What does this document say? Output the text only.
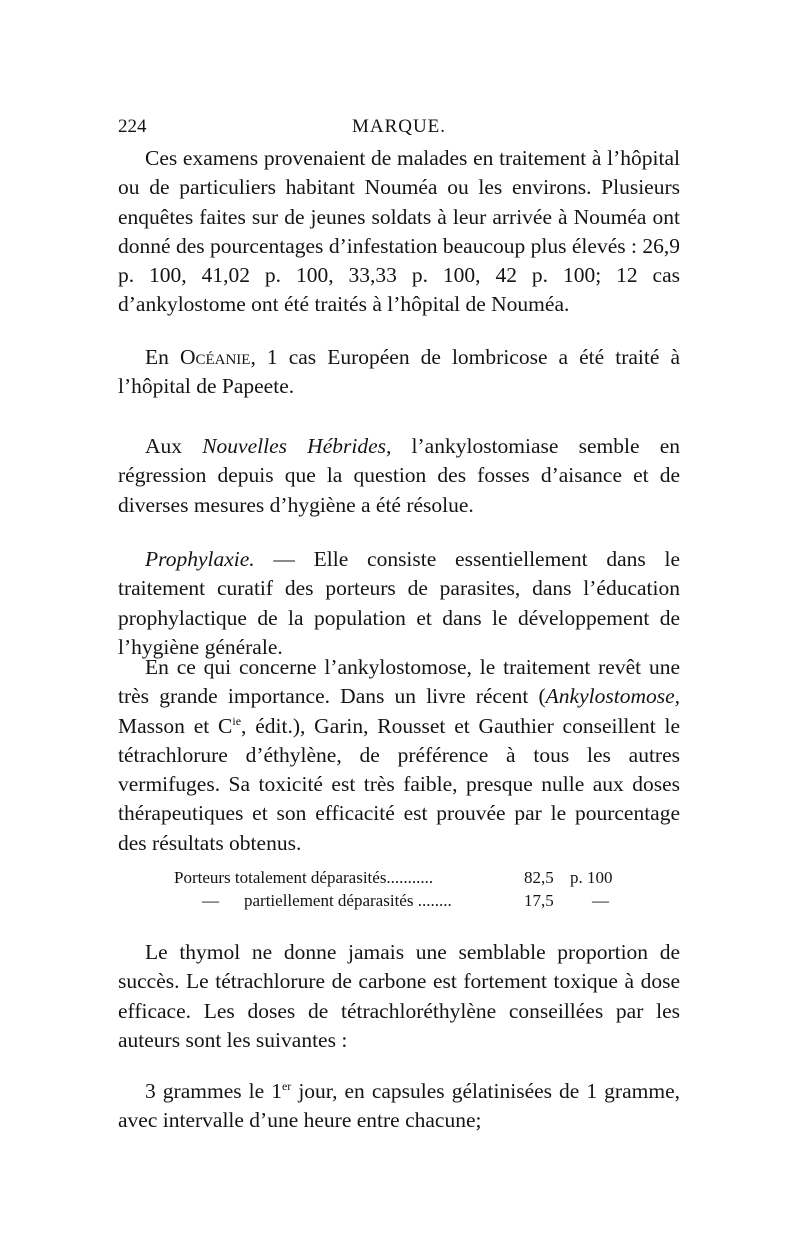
224	MARQUE.

Ces examens provenaient de malades en traitement à l’hôpital ou de particuliers habitant Nouméa ou les environs. Plusieurs enquêtes faites sur de jeunes soldats à leur arrivée à Nouméa ont donné des pourcentages d’infestation beaucoup plus élevés : 26,9 p. 100, 41,02 p. 100, 33,33 p. 100, 42 p. 100; 12 cas d’ankylostome ont été traités à l’hôpital de Nouméa.

En Océanie, 1 cas Européen de lombricose a été traité à l’hôpital de Papeete.

Aux Nouvelles Hébrides, l’ankylostomiase semble en régression depuis que la question des fosses d’aisance et de diverses mesures d’hygiène a été résolue.

Prophylaxie. — Elle consiste essentiellement dans le traitement curatif des porteurs de parasites, dans l’éducation prophylactique de la population et dans le développement de l’hygiène générale.

En ce qui concerne l’ankylostomose, le traitement revêt une très grande importance. Dans un livre récent (Ankylostomose, Masson et $C^{ie}$, édit.), Garin, Rousset et Gauthier conseillent le tétrachlorure d’éthylène, de préférence à tous les autres vermifuges. Sa toxicité est très faible, presque nulle aux doses thérapeutiques et son efficacité est prouvée par le pourcentage des résultats obtenus.

Porteurs totalement déparasités...........	82,5 p. 100
— partiellement déparasités ........	17,5 —

Le thymol ne donne jamais une semblable proportion de succès. Le tétrachlorure de carbone est fortement toxique à dose efficace. Les doses de tétrachloréthylène conseillées par les auteurs sont les suivantes :

3 grammes le 1er jour, en capsules gélatinisées de 1 gramme, avec intervalle d’une heure entre chacune;
